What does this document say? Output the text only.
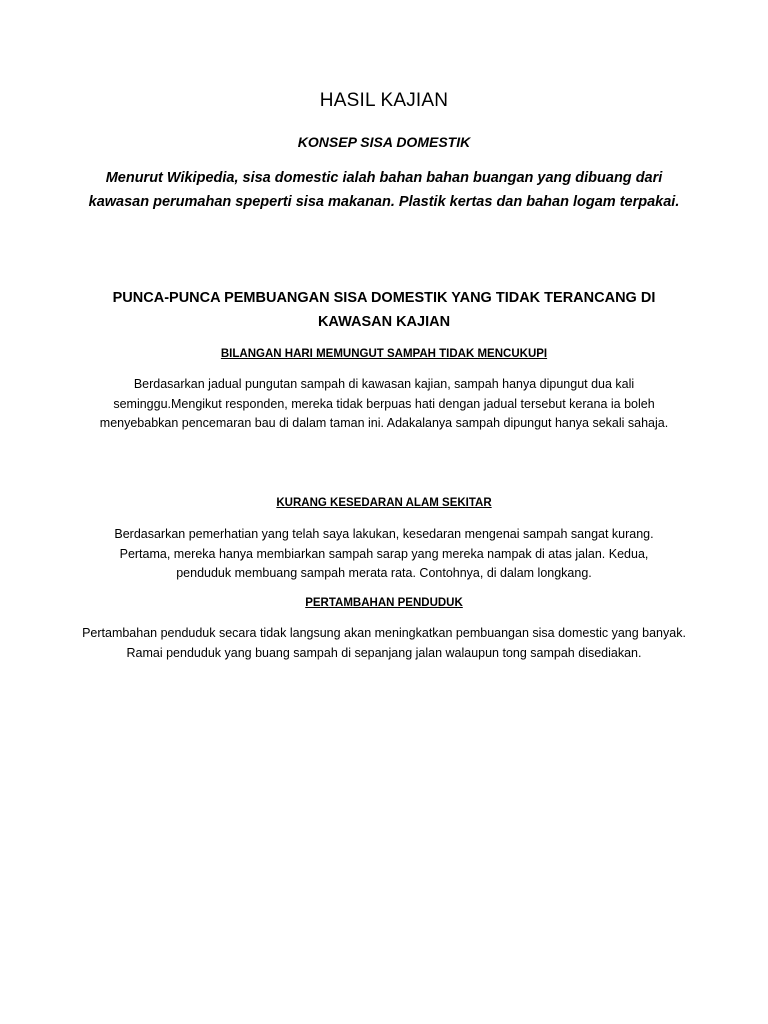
HASIL KAJIAN
KONSEP SISA DOMESTIK

Menurut Wikipedia, sisa domestic ialah bahan bahan buangan yang dibuang dari kawasan perumahan speperti sisa makanan. Plastik kertas dan bahan logam terpakai.

PUNCA-PUNCA PEMBUANGAN SISA DOMESTIK YANG TIDAK TERANCANG DI KAWASAN KAJIAN
BILANGAN HARI MEMUNGUT SAMPAH TIDAK MENCUKUPI

Berdasarkan jadual pungutan sampah di kawasan kajian, sampah hanya dipungut dua kali seminggu.Mengikut responden, mereka tidak berpuas hati dengan jadual tersebut kerana ia boleh menyebabkan pencemaran bau di dalam taman ini. Adakalanya sampah dipungut hanya sekali sahaja.

KURANG KESEDARAN ALAM SEKITAR

Berdasarkan pemerhatian yang telah saya lakukan, kesedaran mengenai sampah sangat kurang. Pertama, mereka hanya membiarkan sampah sarap yang mereka nampak di atas jalan. Kedua, penduduk membuang sampah merata rata. Contohnya, di dalam longkang.

PERTAMBAHAN PENDUDUK

Pertambahan penduduk secara tidak langsung akan meningkatkan pembuangan sisa domestic yang banyak. Ramai penduduk yang buang sampah di sepanjang jalan walaupun tong sampah disediakan.
